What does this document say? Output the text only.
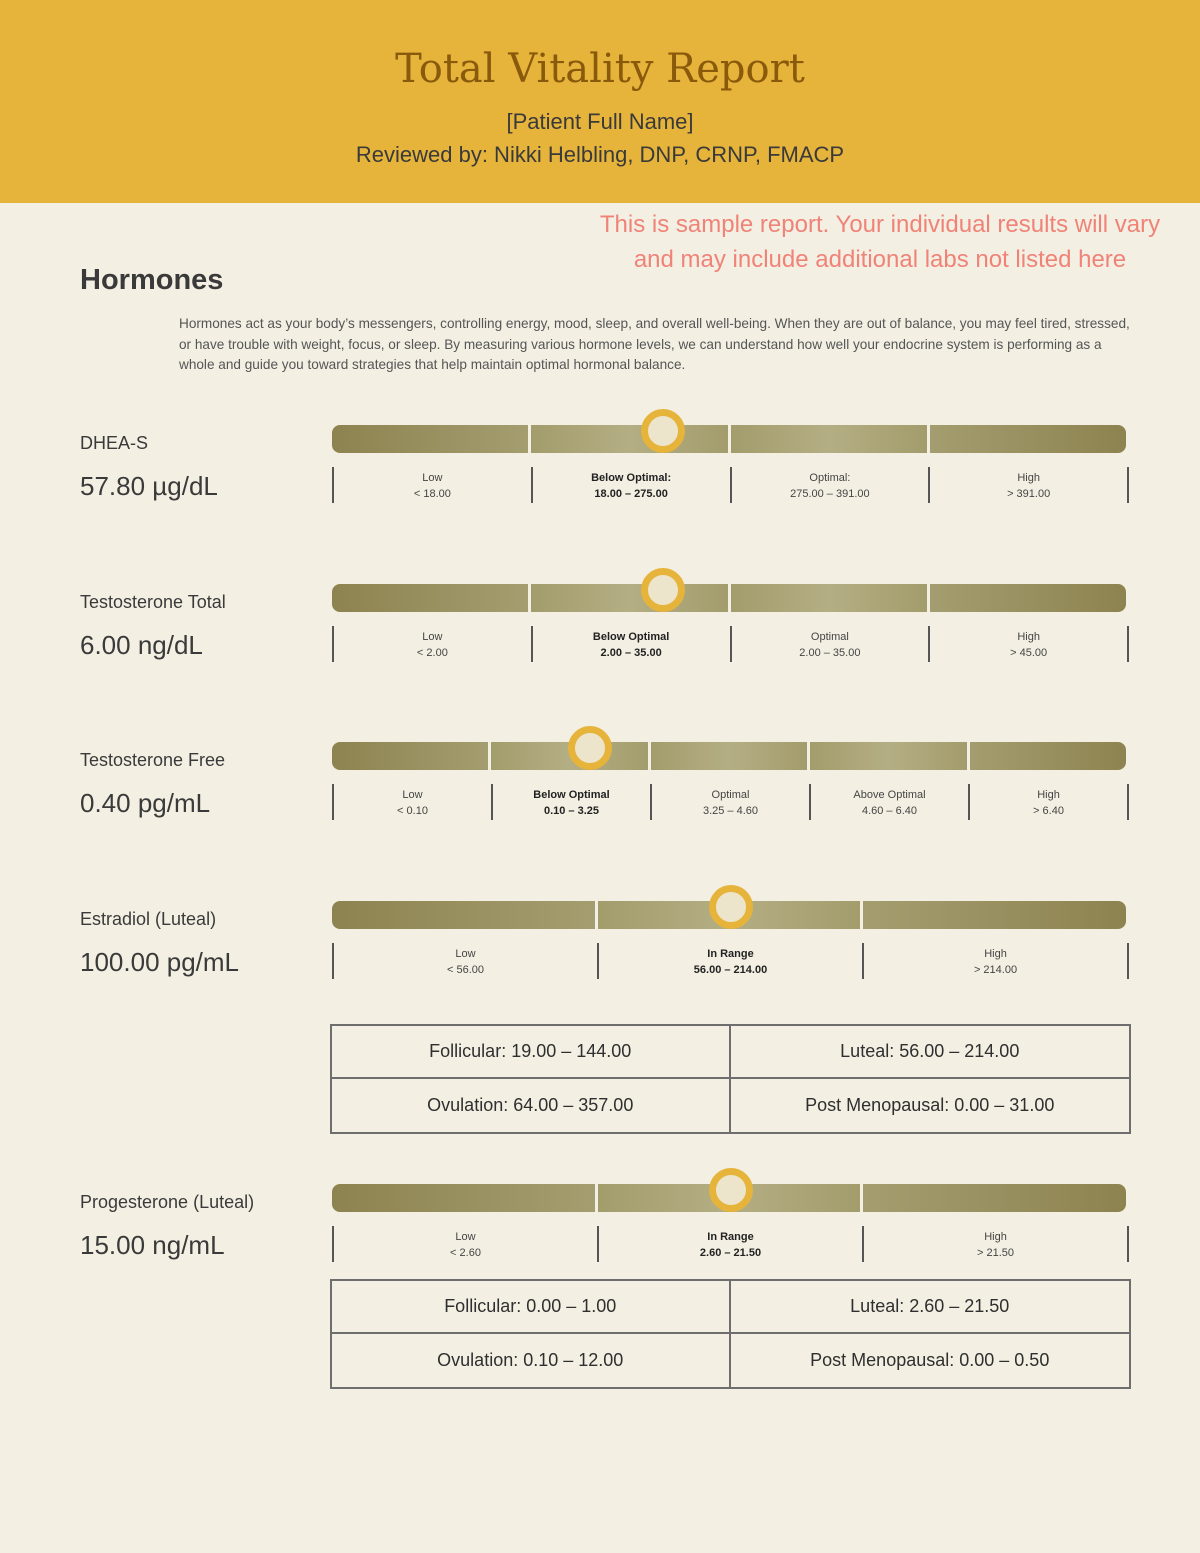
Total Vitality Report
[Patient Full Name]
Reviewed by: Nikki Helbling, DNP, CRNP, FMACP
This is sample report. Your individual results will vary
and may include additional labs not listed here
Hormones
Hormones act as your body’s messengers, controlling energy, mood, sleep, and overall well-being. When they are out of balance, you may feel tired, stressed, or have trouble with weight, focus, or sleep. By measuring various hormone levels, we can understand how well your endocrine system is performing as a whole and guide you toward strategies that help maintain optimal hormonal balance.
DHEA-S
57.80 µg/dL	Low
< 18.00
Below Optimal:
18.00 – 275.00
Optimal:
275.00 – 391.00
High
> 391.00
Testosterone Total
6.00 ng/dL	Low
< 2.00
Below Optimal
2.00 – 35.00
Optimal
2.00 – 35.00
High
> 45.00
Testosterone Free
0.40 pg/mL	Low
< 0.10
Below Optimal
0.10 – 3.25
Optimal
3.25 – 4.60
Above Optimal
4.60 – 6.40
High
> 6.40
Estradiol (Luteal)
100.00 pg/mL	Low
< 56.00
In Range
56.00 – 214.00
High
> 214.00
Follicular: 19.00 – 144.00	Luteal: 56.00 – 214.00
Ovulation: 64.00 – 357.00	Post Menopausal: 0.00 – 31.00
Progesterone (Luteal)
15.00 ng/mL	Low
< 2.60
In Range
2.60 – 21.50
High
> 21.50
Follicular: 0.00 – 1.00	Luteal: 2.60 – 21.50
Ovulation: 0.10 – 12.00	Post Menopausal: 0.00 – 0.50
